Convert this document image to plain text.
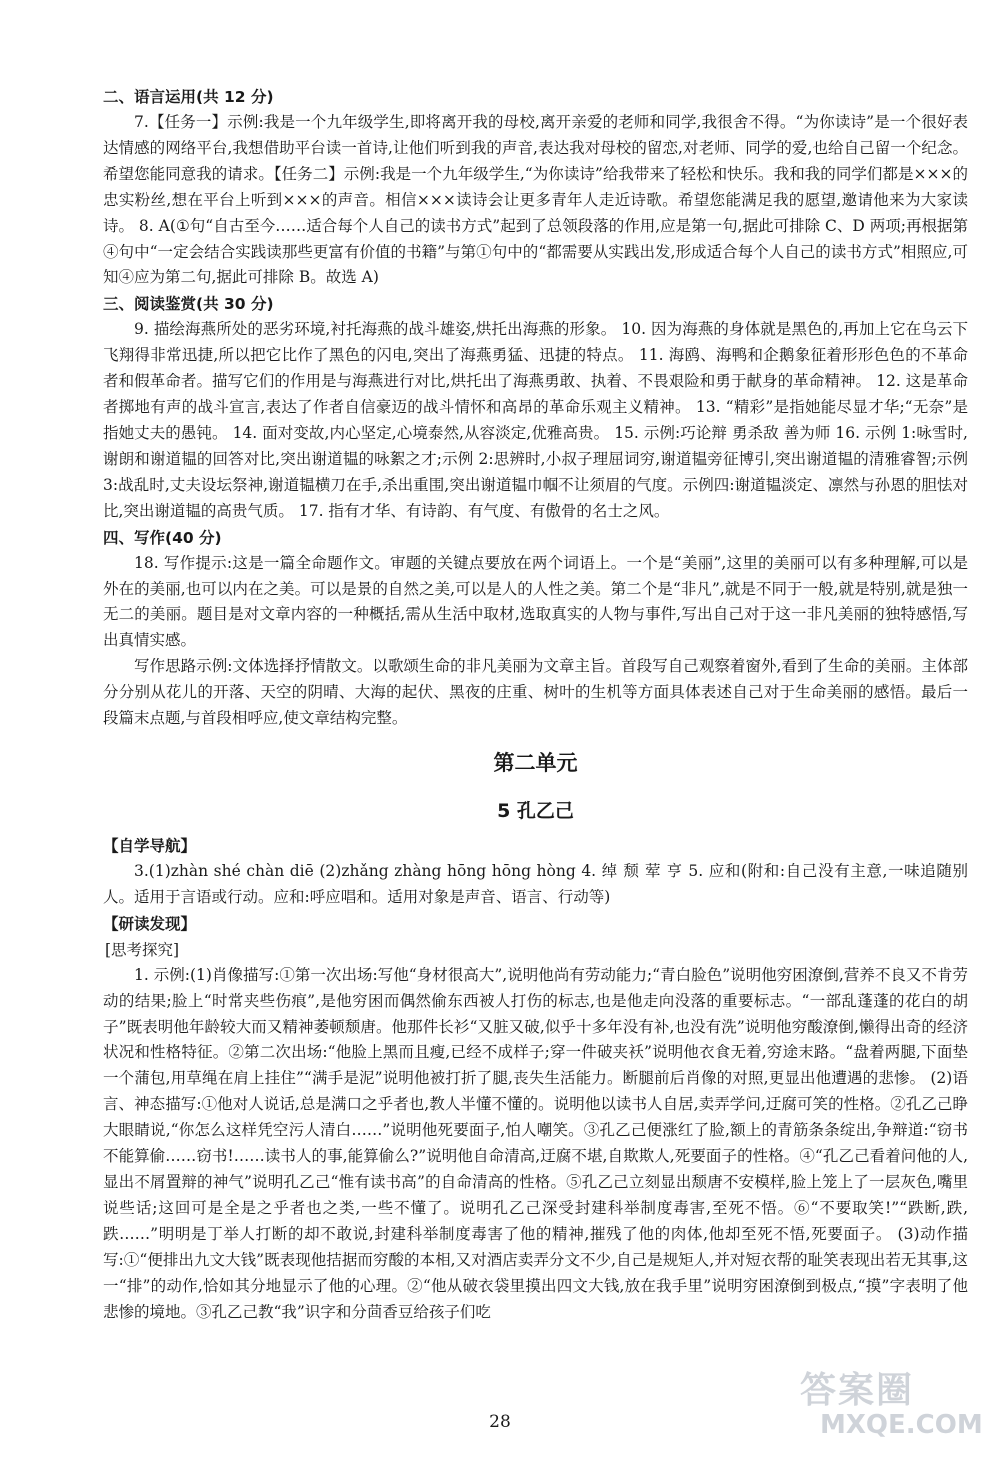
二、语言运用(共 12 分)

7.【任务一】示例:我是一个九年级学生,即将离开我的母校,离开亲爱的老师和同学,我很舍不得。“为你读诗”是一个很好表达情感的网络平台,我想借助平台读一首诗,让他们听到我的声音,表达我对母校的留恋,对老师、同学的爱,也给自己留一个纪念。希望您能同意我的请求。【任务二】示例:我是一个九年级学生,“为你读诗”给我带来了轻松和快乐。我和我的同学们都是×××的忠实粉丝,想在平台上听到×××的声音。相信×××读诗会让更多青年人走近诗歌。希望您能满足我的愿望,邀请他来为大家读诗。 8. A(①句“自古至今……适合每个人自己的读书方式”起到了总领段落的作用,应是第一句,据此可排除 C、D 两项;再根据第④句中“一定会结合实践读那些更富有价值的书籍”与第①句中的“都需要从实践出发,形成适合每个人自己的读书方式”相照应,可知④应为第二句,据此可排除 B。故选 A)

三、阅读鉴赏(共 30 分)

9. 描绘海燕所处的恶劣环境,衬托海燕的战斗雄姿,烘托出海燕的形象。 10. 因为海燕的身体就是黑色的,再加上它在乌云下飞翔得非常迅捷,所以把它比作了黑色的闪电,突出了海燕勇猛、迅捷的特点。 11. 海鸥、海鸭和企鹅象征着形形色色的不革命者和假革命者。描写它们的作用是与海燕进行对比,烘托出了海燕勇敢、执着、不畏艰险和勇于献身的革命精神。 12. 这是革命者掷地有声的战斗宣言,表达了作者自信豪迈的战斗情怀和高昂的革命乐观主义精神。 13. “精彩”是指她能尽显才华;“无奈”是指她丈夫的愚钝。 14. 面对变故,内心坚定,心境泰然,从容淡定,优雅高贵。 15. 示例:巧论辩 勇杀敌 善为师 16. 示例 1:咏雪时,谢朗和谢道韫的回答对比,突出谢道韫的咏絮之才;示例 2:思辨时,小叔子理屈词穷,谢道韫旁征博引,突出谢道韫的清雅睿智;示例 3:战乱时,丈夫设坛祭神,谢道韫横刀在手,杀出重围,突出谢道韫巾帼不让须眉的气度。示例四:谢道韫淡定、凛然与孙恩的胆怯对比,突出谢道韫的高贵气质。 17. 指有才华、有诗韵、有气度、有傲骨的名士之风。

四、写作(40 分)

18. 写作提示:这是一篇全命题作文。审题的关键点要放在两个词语上。一个是“美丽”,这里的美丽可以有多种理解,可以是外在的美丽,也可以内在之美。可以是景的自然之美,可以是人的人性之美。第二个是“非凡”,就是不同于一般,就是特别,就是独一无二的美丽。题目是对文章内容的一种概括,需从生活中取材,选取真实的人物与事件,写出自己对于这一非凡美丽的独特感悟,写出真情实感。

写作思路示例:文体选择抒情散文。以歌颂生命的非凡美丽为文章主旨。首段写自己观察着窗外,看到了生命的美丽。主体部分分别从花儿的开落、天空的阴晴、大海的起伏、黑夜的庄重、树叶的生机等方面具体表述自己对于生命美丽的感悟。最后一段篇末点题,与首段相呼应,使文章结构完整。

第二单元
5 孔乙己
【自学导航】

3.(1)zhàn shé chàn diē (2)zhǎng zhàng hōng hōng hòng 4. 绰 颓 荤 亨 5. 应和(附和:自己没有主意,一味追随别人。适用于言语或行动。应和:呼应唱和。适用对象是声音、语言、行动等)

【研读发现】
[思考探究]

1. 示例:(1)肖像描写:①第一次出场:写他“身材很高大”,说明他尚有劳动能力;“青白脸色”说明他穷困潦倒,营养不良又不肯劳动的结果;脸上“时常夹些伤痕”,是他穷困而偶然偷东西被人打伤的标志,也是他走向没落的重要标志。“一部乱蓬蓬的花白的胡子”既表明他年龄较大而又精神萎顿颓唐。他那件长衫“又脏又破,似乎十多年没有补,也没有洗”说明他穷酸潦倒,懒得出奇的经济状况和性格特征。②第二次出场:“他脸上黑而且瘦,已经不成样子;穿一件破夹袄”说明他衣食无着,穷途末路。“盘着两腿,下面垫一个蒲包,用草绳在肩上挂住”“满手是泥”说明他被打折了腿,丧失生活能力。断腿前后肖像的对照,更显出他遭遇的悲惨。 (2)语言、神态描写:①他对人说话,总是满口之乎者也,教人半懂不懂的。说明他以读书人自居,卖弄学问,迂腐可笑的性格。②孔乙己睁大眼睛说,“你怎么这样凭空污人清白……”说明他死要面子,怕人嘲笑。③孔乙己便涨红了脸,额上的青筋条条绽出,争辩道:“窃书不能算偷……窃书!……读书人的事,能算偷么?”说明他自命清高,迂腐不堪,自欺欺人,死要面子的性格。④“孔乙己看着问他的人,显出不屑置辩的神气”说明孔乙己“惟有读书高”的自命清高的性格。⑤孔乙己立刻显出颓唐不安模样,脸上笼上了一层灰色,嘴里说些话;这回可是全是之乎者也之类,一些不懂了。说明孔乙己深受封建科举制度毒害,至死不悟。⑥“不要取笑!”“跌断,跌,跌……”明明是丁举人打断的却不敢说,封建科举制度毒害了他的精神,摧残了他的肉体,他却至死不悟,死要面子。 (3)动作描写:①“便排出九文大钱”既表现他拮据而穷酸的本相,又对酒店卖弄分文不少,自己是规矩人,并对短衣帮的耻笑表现出若无其事,这一“排”的动作,恰如其分地显示了他的心理。②“他从破衣袋里摸出四文大钱,放在我手里”说明穷困潦倒到极点,“摸”字表明了他悲惨的境地。③孔乙己教“我”识字和分茴香豆给孩子们吃

28
答案圈
MXQE.COM
